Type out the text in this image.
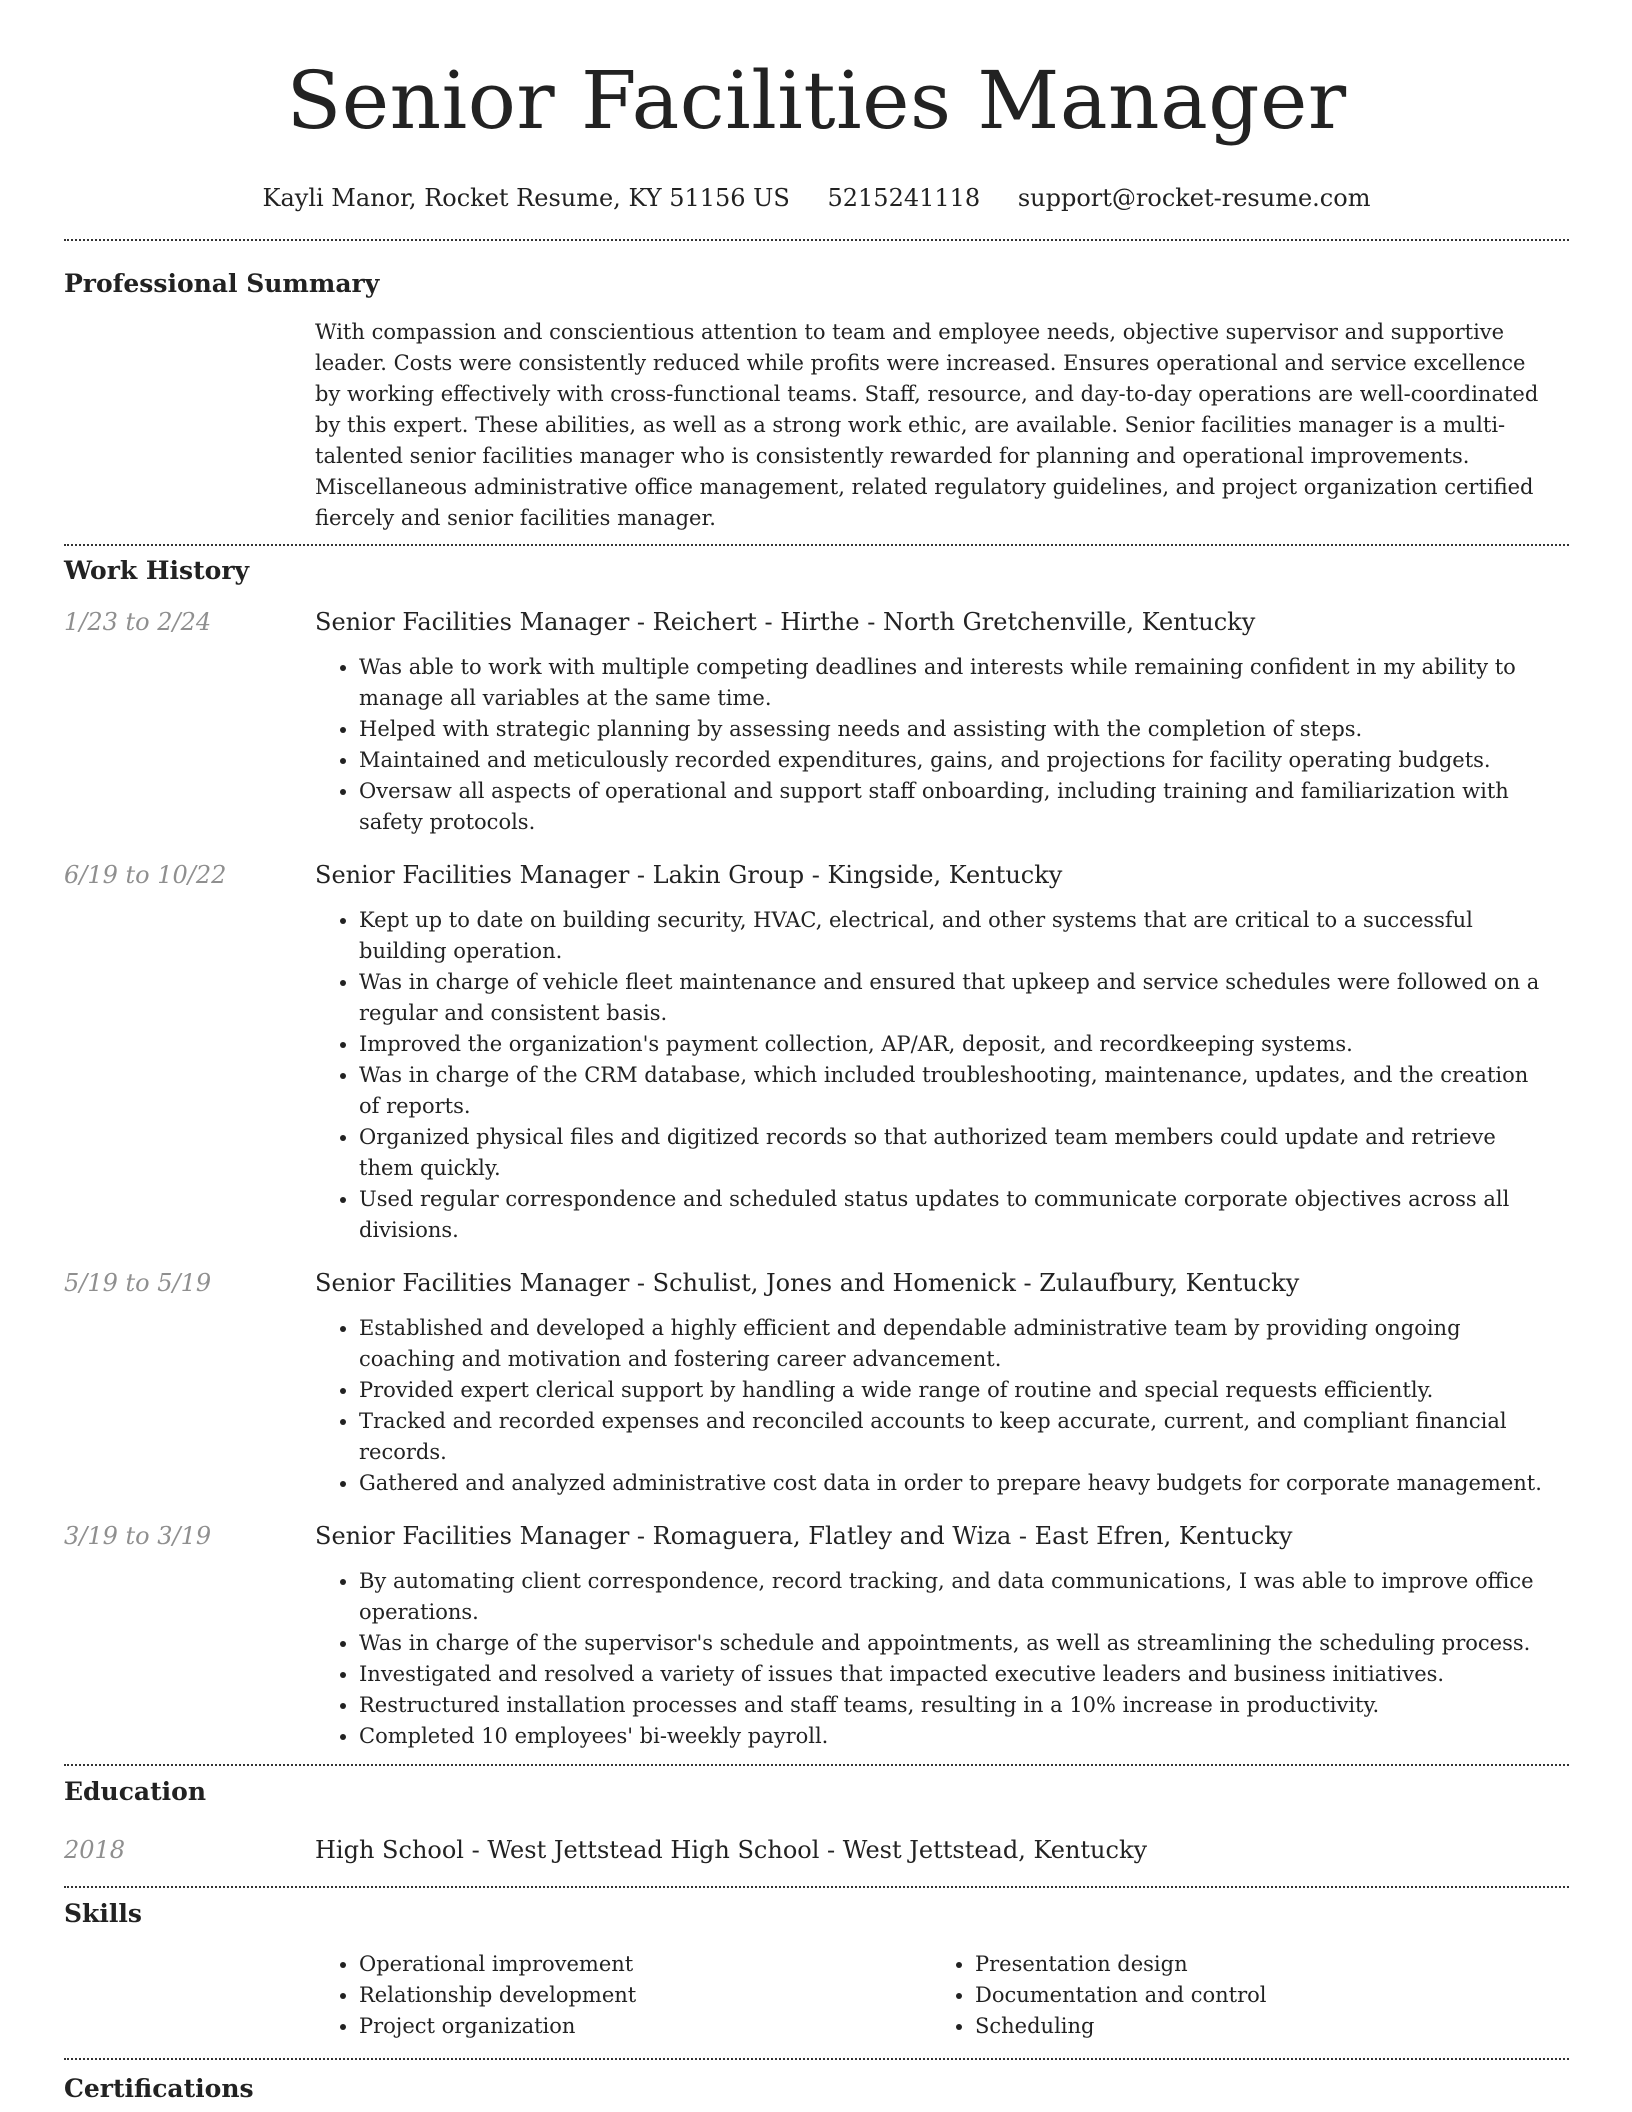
Senior Facilities Manager
Kayli Manor, Rocket Resume, KY 51156 US 5215241118 support@rocket-resume.com
Professional Summary

With compassion and conscientious attention to team and employee needs, objective supervisor and supportive leader. Costs were consistently reduced while profits were increased. Ensures operational and service excellence by working effectively with cross-functional teams. Staff, resource, and day-to-day operations are well-coordinated by this expert. These abilities, as well as a strong work ethic, are available. Senior facilities manager is a multi-talented senior facilities manager who is consistently rewarded for planning and operational improvements. Miscellaneous administrative office management, related regulatory guidelines, and project organization certified fiercely and senior facilities manager.

Work History
1/23 to 2/24	Senior Facilities Manager - Reichert - Hirthe - North Gretchenville, Kentucky
• Was able to work with multiple competing deadlines and interests while remaining confident in my ability to manage all variables at the same time.
• Helped with strategic planning by assessing needs and assisting with the completion of steps.
• Maintained and meticulously recorded expenditures, gains, and projections for facility operating budgets.
• Oversaw all aspects of operational and support staff onboarding, including training and familiarization with safety protocols.
6/19 to 10/22	Senior Facilities Manager - Lakin Group - Kingside, Kentucky
• Kept up to date on building security, HVAC, electrical, and other systems that are critical to a successful building operation.
• Was in charge of vehicle fleet maintenance and ensured that upkeep and service schedules were followed on a regular and consistent basis.
• Improved the organization's payment collection, AP/AR, deposit, and recordkeeping systems.
• Was in charge of the CRM database, which included troubleshooting, maintenance, updates, and the creation of reports.
• Organized physical files and digitized records so that authorized team members could update and retrieve them quickly.
• Used regular correspondence and scheduled status updates to communicate corporate objectives across all divisions.
5/19 to 5/19	Senior Facilities Manager - Schulist, Jones and Homenick - Zulaufbury, Kentucky
• Established and developed a highly efficient and dependable administrative team by providing ongoing coaching and motivation and fostering career advancement.
• Provided expert clerical support by handling a wide range of routine and special requests efficiently.
• Tracked and recorded expenses and reconciled accounts to keep accurate, current, and compliant financial records.
• Gathered and analyzed administrative cost data in order to prepare heavy budgets for corporate management.
3/19 to 3/19	Senior Facilities Manager - Romaguera, Flatley and Wiza - East Efren, Kentucky
• By automating client correspondence, record tracking, and data communications, I was able to improve office operations.
• Was in charge of the supervisor's schedule and appointments, as well as streamlining the scheduling process.
• Investigated and resolved a variety of issues that impacted executive leaders and business initiatives.
• Restructured installation processes and staff teams, resulting in a 10% increase in productivity.
• Completed 10 employees' bi-weekly payroll.
Education
2018	High School - West Jettstead High School - West Jettstead, Kentucky
Skills
• Operational improvement
• Relationship development
• Project organization
• Presentation design
• Documentation and control
• Scheduling
Certifications
